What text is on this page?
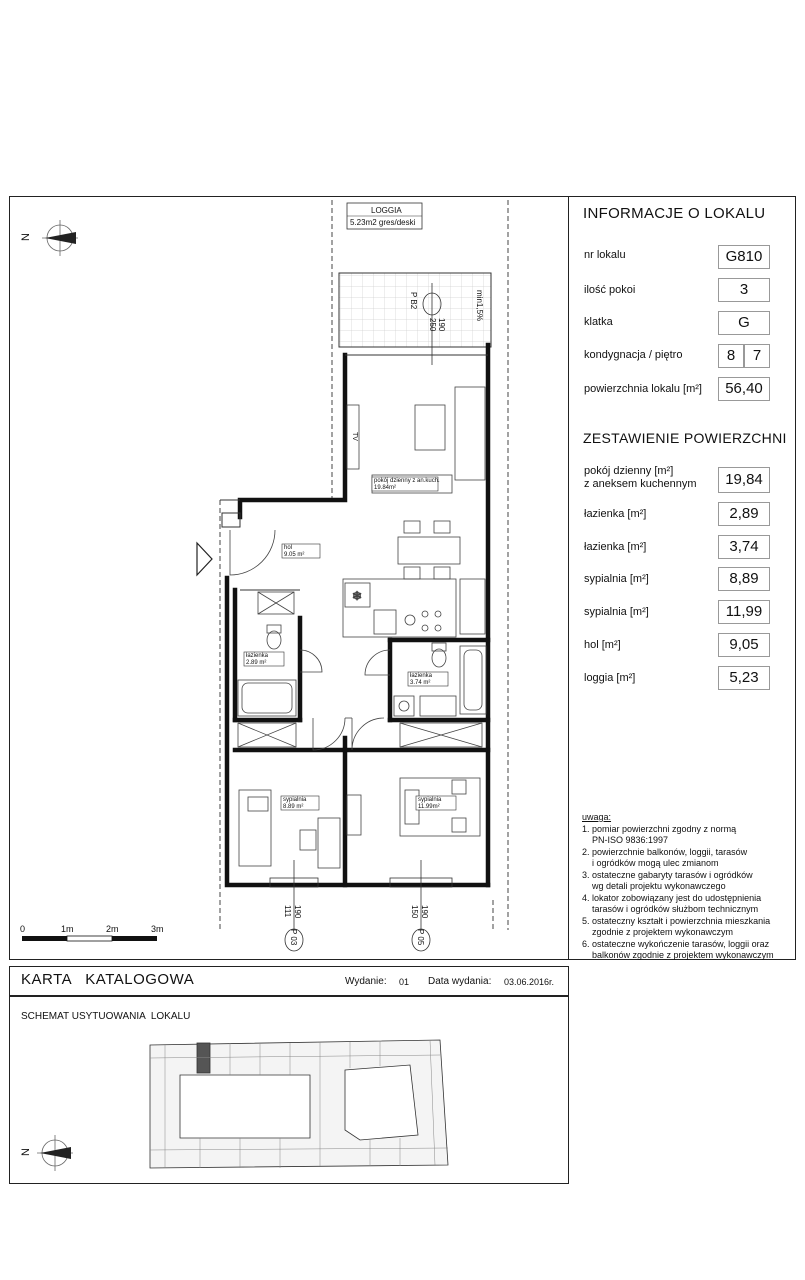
INFORMACJE O LOKALU
nr lokalu	G810
ilość pokoi	3
klatka	G
kondygnacja / piętro	8	7
powierzchnia lokalu [m²]	56,40
ZESTAWIENIE POWIERZCHNI
pokój dzienny [m²]
z aneksem kuchennym	19,84
łazienka [m²]	2,89
łazienka [m²]	3,74
sypialnia [m²]	8,89
sypialnia [m²]	11,99
hol [m²]	9,05
loggia [m²]	5,23
uwaga:
1. pomiar powierzchni zgodny z normą
PN-ISO 9836:1997
2. powierzchnie balkonów, loggii, tarasów
i ogródków mogą ulec zmianom
3. ostateczne gabaryty tarasów i ogródków
wg detali projektu wykonawczego
4. lokator zobowiązany jest do udostępnienia
tarasów i ogródków służbom technicznym
5. ostateczny kształt i powierzchnia mieszkania
zgodnie z projektem wykonawczym
6. ostateczne wykończenie tarasów, loggii oraz
balkonów zgodnie z projektem wykonawczym
❄
LOGGIA
5.23m2 gres/deski
P B2
190
250
min1,5%
TV
pokój dzienny z an.kuch.
19.84m²
hol
9.05 m²
łazienka
2.89 m²
łazienka
3.74 m²
sypialnia
8.89 m²
sypialnia
11.99m²
P 03
111 190
P 05
150 190
0	1m	2m	3m
N
N
KARTA   KATALOGOWA	Wydanie: 01 Data wydania: 03.06.2016r.
SCHEMAT USYTUOWANIA  LOKALU
